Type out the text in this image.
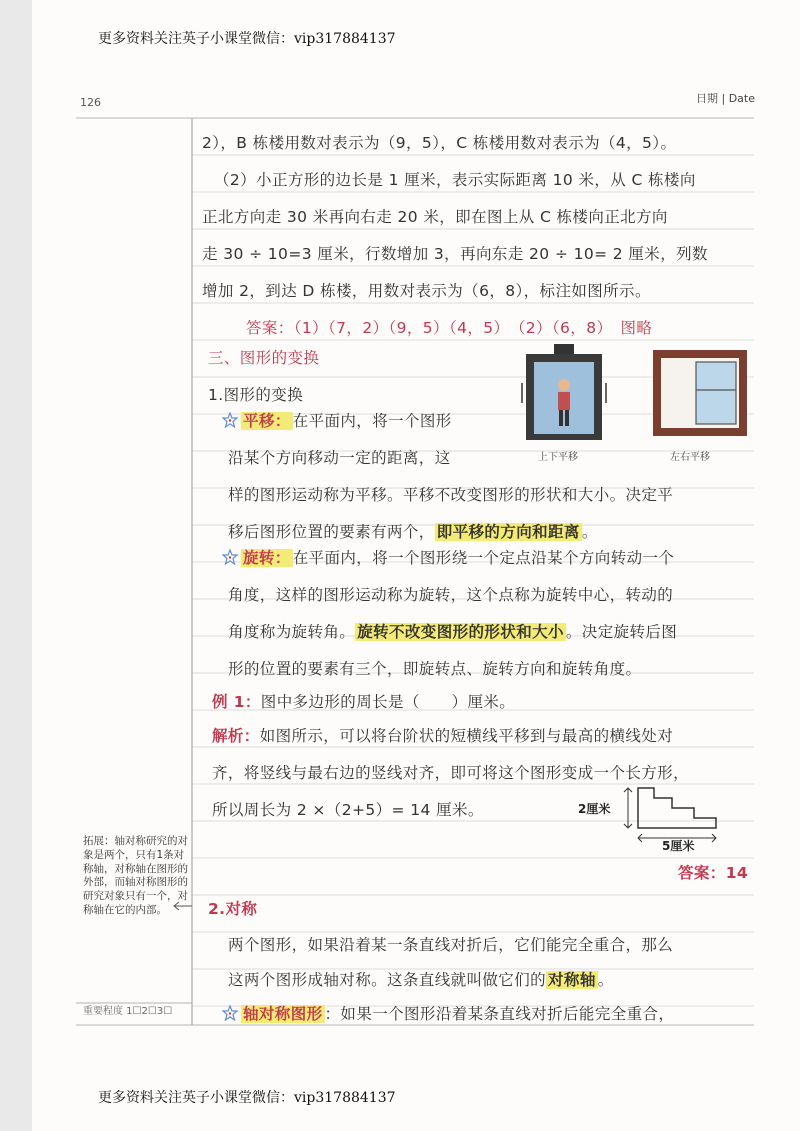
更多资料关注英子小课堂微信：vip317884137
126	日期 | Date
2），B 栋楼用数对表示为（9，5），C 栋楼用数对表示为（4，5）。
（2）小正方形的边长是 1 厘米，表示实际距离 10 米，从 C 栋楼向
正北方向走 30 米再向右走 20 米，即在图上从 C 栋楼向正北方向
走 30 ÷ 10=3 厘米，行数增加 3，再向东走 20 ÷ 10= 2 厘米，列数
增加 2，到达 D 栋楼，用数对表示为（6，8），标注如图所示。
答案：（1）（7，2）（9，5）（4，5）　（2）（6，8）　图略
三、图形的变换
1.图形的变换
平移： 在平面内，将一个图形
沿某个方向移动一定的距离，这
样的图形运动称为平移。平移不改变图形的形状和大小。决定平
移后图形位置的要素有两个， 即平移的方向和距离 。
上下平移	左右平移
旋转： 在平面内，将一个图形绕一个定点沿某个方向转动一个
角度，这样的图形运动称为旋转，这个点称为旋转中心，转动的
角度称为旋转角。 旋转不改变图形的形状和大小 。决定旋转后图
形的位置的要素有三个，即旋转点、旋转方向和旋转角度。
例 1：图中多边形的周长是（　　）厘米。
解析：如图所示，可以将台阶状的短横线平移到与最高的横线处对
齐，将竖线与最右边的竖线对齐，即可将这个图形变成一个长方形，
所以周长为 2 ×（2+5）= 14 厘米。	2厘米
5厘米
答案：14
拓展：轴对称研究的对象是两个，只有1条对称轴，对称轴在图形的外部，而轴对称图形的研究对象只有一个，对称轴在它的内部。
重要程度 1☐2☐3☐
2.对称
两个图形，如果沿着某一条直线对折后，它们能完全重合，那么
这两个图形成轴对称。这条直线就叫做它们的 对称轴 。
轴对称图形 ：如果一个图形沿着某条直线对折后能完全重合，
更多资料关注英子小课堂微信：vip317884137
